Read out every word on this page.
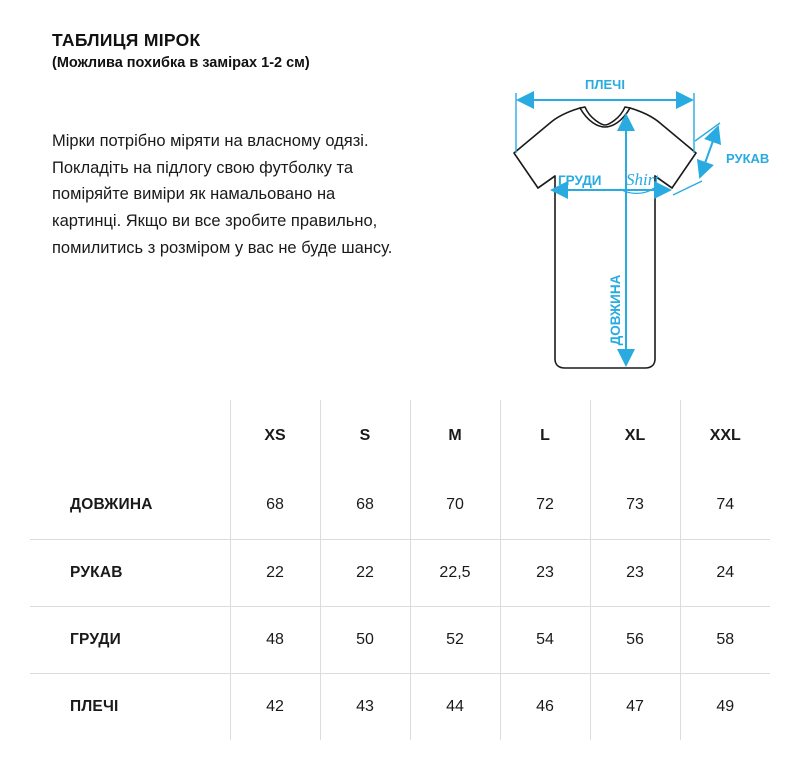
ТАБЛИЦЯ МІРОК

(Можлива похибка в замірах 1-2 см)

Мірки потрібно міряти на власному одязі. Покладіть на підлогу свою футболку та поміряйте виміри як намальовано на картинці. Якщо ви все зробите правильно, помилитись з розміром у вас не буде шансу.
Shirt
ПЛЕЧІ
РУКАВ
ГРУДИ
ДОВЖИНА
	XS	S	M	L	XL	XXL
ДОВЖИНА	68	68	70	72	73	74
РУКАВ	22	22	22,5	23	23	24
ГРУДИ	48	50	52	54	56	58
ПЛЕЧІ	42	43	44	46	47	49
